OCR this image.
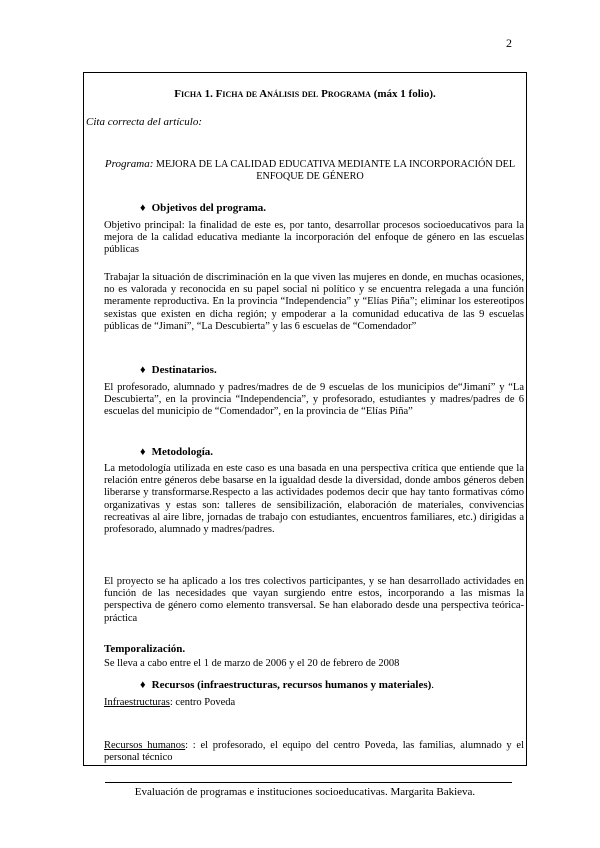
2
Ficha 1. Ficha de Análisis del Programa (máx 1 folio).
Cita correcta del artículo:
Programa: MEJORA DE LA CALIDAD EDUCATIVA MEDIANTE LA INCORPORACIÓN DEL ENFOQUE DE GÉNERO
♦ Objetivos del programa.
Objetivo principal: la finalidad de este es, por tanto, desarrollar procesos socioeducativos para la mejora de la calidad educativa mediante la incorporación del enfoque de género en las escuelas públicas
Trabajar la situación de discriminación en la que viven las mujeres en donde, en muchas ocasiones, no es valorada y reconocida en su papel social ni político y se encuentra relegada a una función meramente reproductiva. En la provincia “Independencia” y “Elías Piña”; eliminar los estereotipos sexistas que existen en dicha región; y empoderar a la comunidad educativa de las 9 escuelas públicas de “Jimaní”, “La Descubierta” y las 6 escuelas de “Comendador”
♦ Destinatarios.
El profesorado, alumnado y padres/madres de de 9 escuelas de los municipios de“Jimaní” y “La Descubierta”, en la provincia “Independencia”, y profesorado, estudiantes y madres/padres de 6 escuelas del municipio de “Comendador”, en la provincia de “Elías Piña”
♦ Metodología.
La metodología utilizada en este caso es una basada en una perspectiva crítica que entiende que la relación entre géneros debe basarse en la igualdad desde la diversidad, donde ambos géneros deben liberarse y transformarse.Respecto a las actividades podemos decir que hay tanto formativas cómo organizativas y estas son: talleres de sensibilización, elaboración de materiales, convivencias recreativas al aire libre, jornadas de trabajo con estudiantes, encuentros familiares, etc.) dirigidas a profesorado, alumnado y madres/padres.
El proyecto se ha aplicado a los tres colectivos participantes, y se han desarrollado actividades en función de las necesidades que vayan surgiendo entre estos, incorporando a las mismas la perspectiva de género como elemento transversal. Se han elaborado desde una perspectiva teórica- práctica
Temporalización.
Se lleva a cabo entre el 1 de marzo de 2006 y el 20 de febrero de 2008
♦ Recursos (infraestructuras, recursos humanos y materiales).
Infraestructuras: centro Poveda
Recursos humanos: : el profesorado, el equipo del centro Poveda, las familias, alumnado y el personal técnico
Evaluación de programas e instituciones socioeducativas. Margarita Bakieva.
